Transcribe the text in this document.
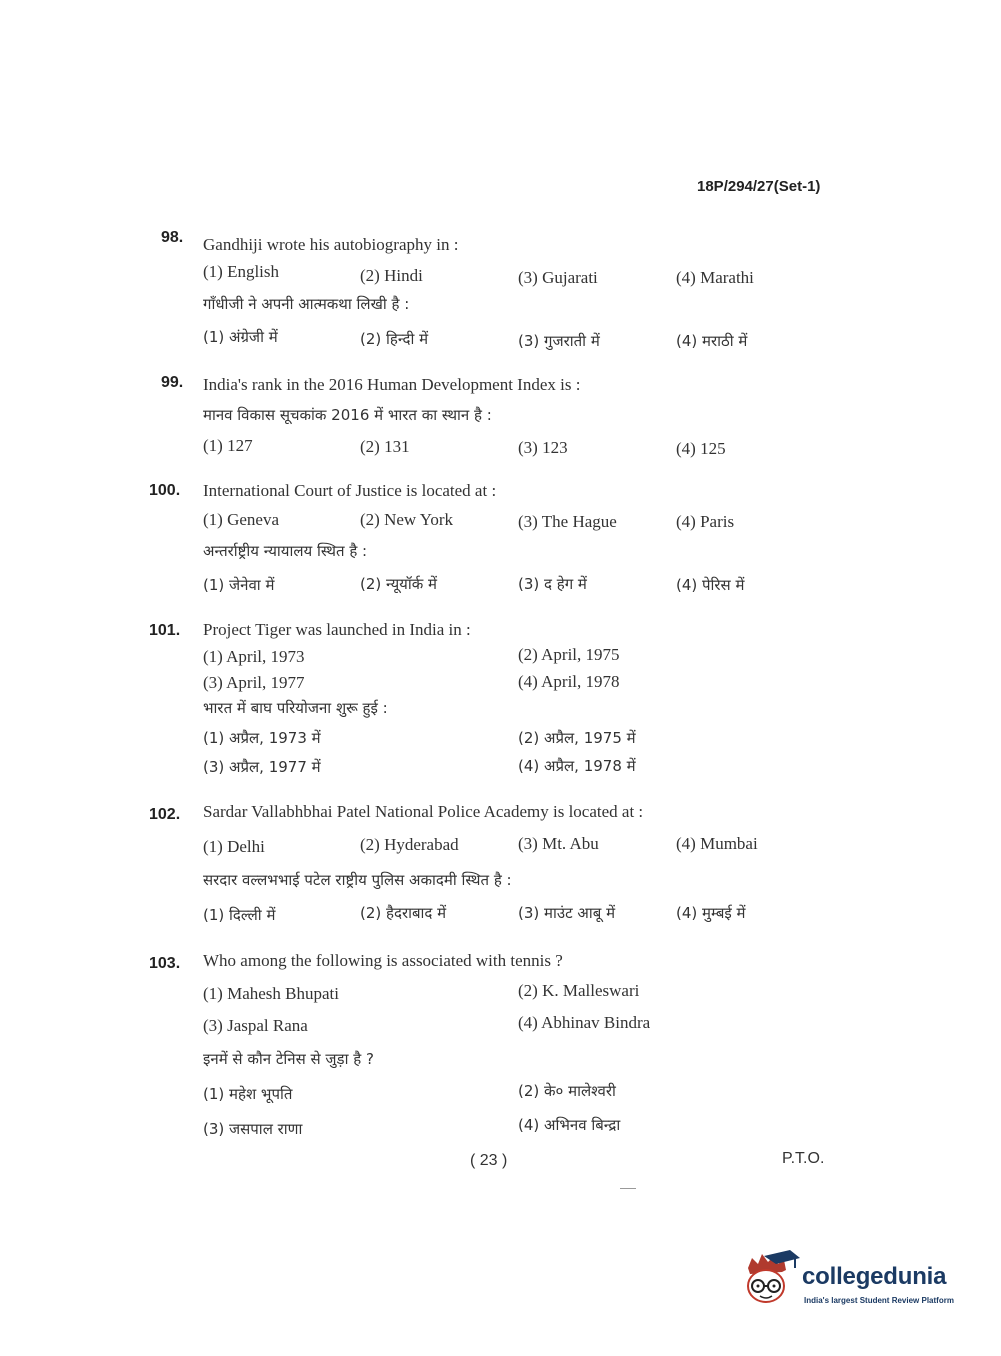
18P/294/27(Set-1)
98. Gandhiji wrote his autobiography in :
(1) English	(2) Hindi	(3) Gujarati	(4) Marathi
गाँधीजी ने अपनी आत्मकथा लिखी है :
(1) अंग्रेजी में	(2) हिन्दी में	(3) गुजराती में	(4) मराठी में
99. India's rank in the 2016 Human Development Index is :
मानव विकास सूचकांक 2016 में भारत का स्थान है :
(1) 127	(2) 131	(3) 123	(4) 125
100. International Court of Justice is located at :
(1) Geneva	(2) New York	(3) The Hague	(4) Paris
अन्तर्राष्ट्रीय न्यायालय स्थित है :
(1) जेनेवा में	(2) न्यूयॉर्क में	(3) द हेग में	(4) पेरिस में
101. Project Tiger was launched in India in :
(1) April, 1973	(2) April, 1975
(3) April, 1977	(4) April, 1978
भारत में बाघ परियोजना शुरू हुई :
(1) अप्रैल, 1973 में	(2) अप्रैल, 1975 में
(3) अप्रैल, 1977 में	(4) अप्रैल, 1978 में
102. Sardar Vallabhbhai Patel National Police Academy is located at :
(1) Delhi	(2) Hyderabad	(3) Mt. Abu	(4) Mumbai
सरदार वल्लभभाई पटेल राष्ट्रीय पुलिस अकादमी स्थित है :
(1) दिल्ली में	(2) हैदराबाद में	(3) माउंट आबू में	(4) मुम्बई में
103. Who among the following is associated with tennis ?
(1) Mahesh Bhupati	(2) K. Malleswari
(3) Jaspal Rana	(4) Abhinav Bindra
इनमें से कौन टेनिस से जुड़ा है ?
(1) महेश भूपति	(2) के० मालेश्वरी
(3) जसपाल राणा	(4) अभिनव बिन्द्रा
( 23 )	P.T.O.
collegedunia
India's largest Student Review Platform
